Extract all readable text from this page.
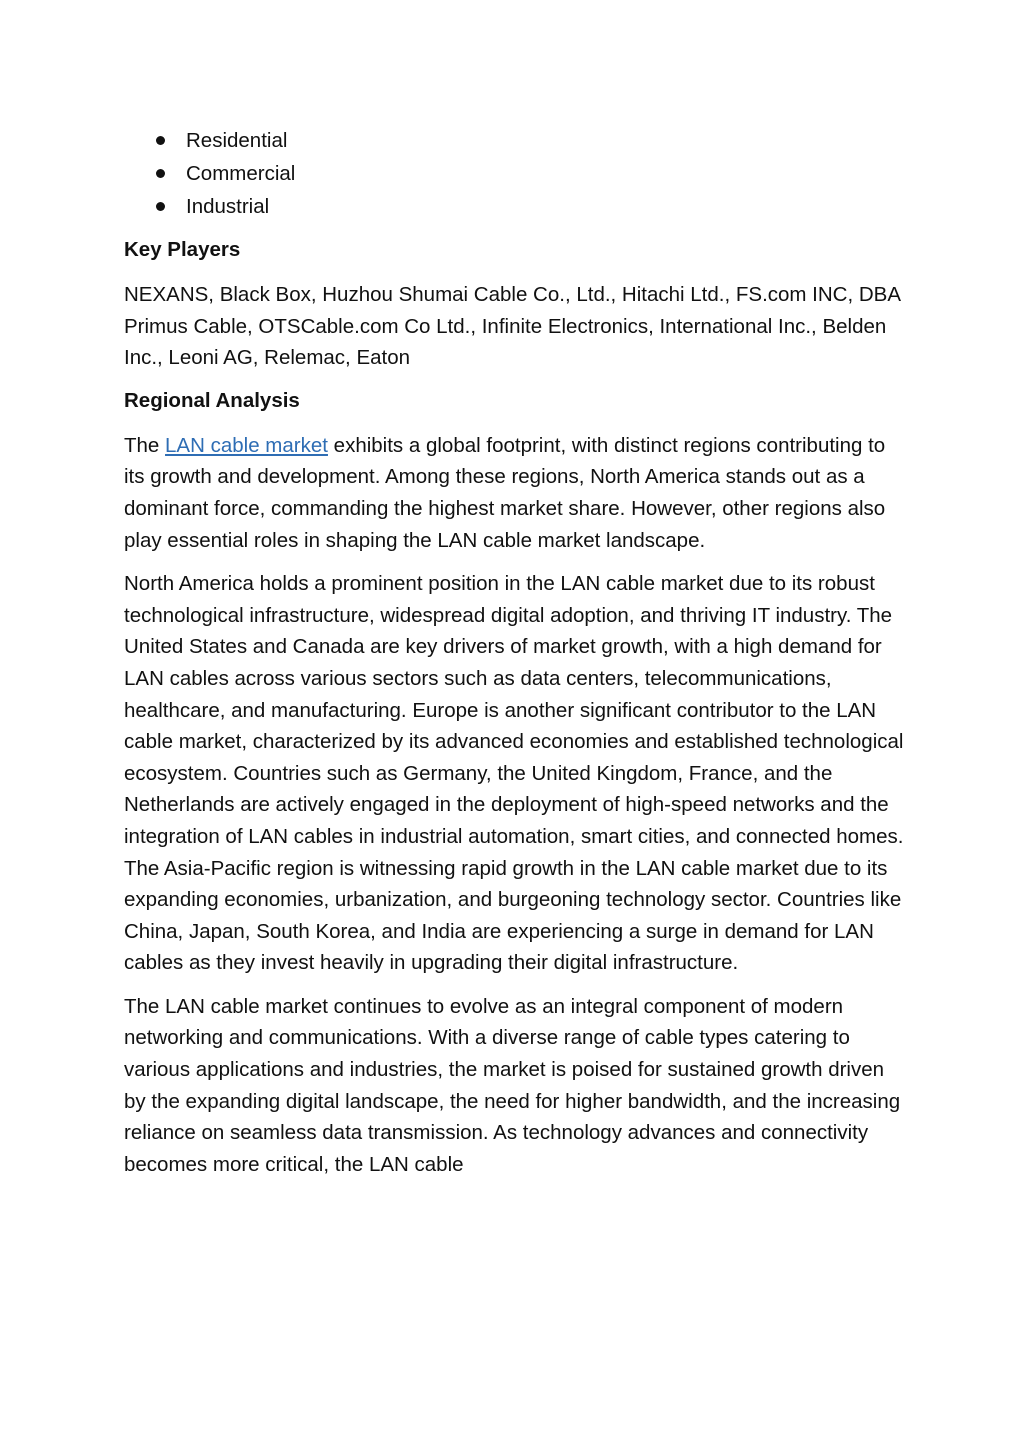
Residential
Commercial
Industrial
Key Players

NEXANS, Black Box, Huzhou Shumai Cable Co., Ltd., Hitachi Ltd., FS.com INC, DBA Primus Cable, OTSCable.com Co Ltd., Infinite Electronics, International Inc., Belden Inc., Leoni AG, Relemac, Eaton

Regional Analysis

The LAN cable market exhibits a global footprint, with distinct regions contributing to its growth and development. Among these regions, North America stands out as a dominant force, commanding the highest market share. However, other regions also play essential roles in shaping the LAN cable market landscape.

North America holds a prominent position in the LAN cable market due to its robust technological infrastructure, widespread digital adoption, and thriving IT industry. The United States and Canada are key drivers of market growth, with a high demand for LAN cables across various sectors such as data centers, telecommunications, healthcare, and manufacturing. Europe is another significant contributor to the LAN cable market, characterized by its advanced economies and established technological ecosystem. Countries such as Germany, the United Kingdom, France, and the Netherlands are actively engaged in the deployment of high-speed networks and the integration of LAN cables in industrial automation, smart cities, and connected homes. The Asia-Pacific region is witnessing rapid growth in the LAN cable market due to its expanding economies, urbanization, and burgeoning technology sector. Countries like China, Japan, South Korea, and India are experiencing a surge in demand for LAN cables as they invest heavily in upgrading their digital infrastructure.

The LAN cable market continues to evolve as an integral component of modern networking and communications. With a diverse range of cable types catering to various applications and industries, the market is poised for sustained growth driven by the expanding digital landscape, the need for higher bandwidth, and the increasing reliance on seamless data transmission. As technology advances and connectivity becomes more critical, the LAN cable
